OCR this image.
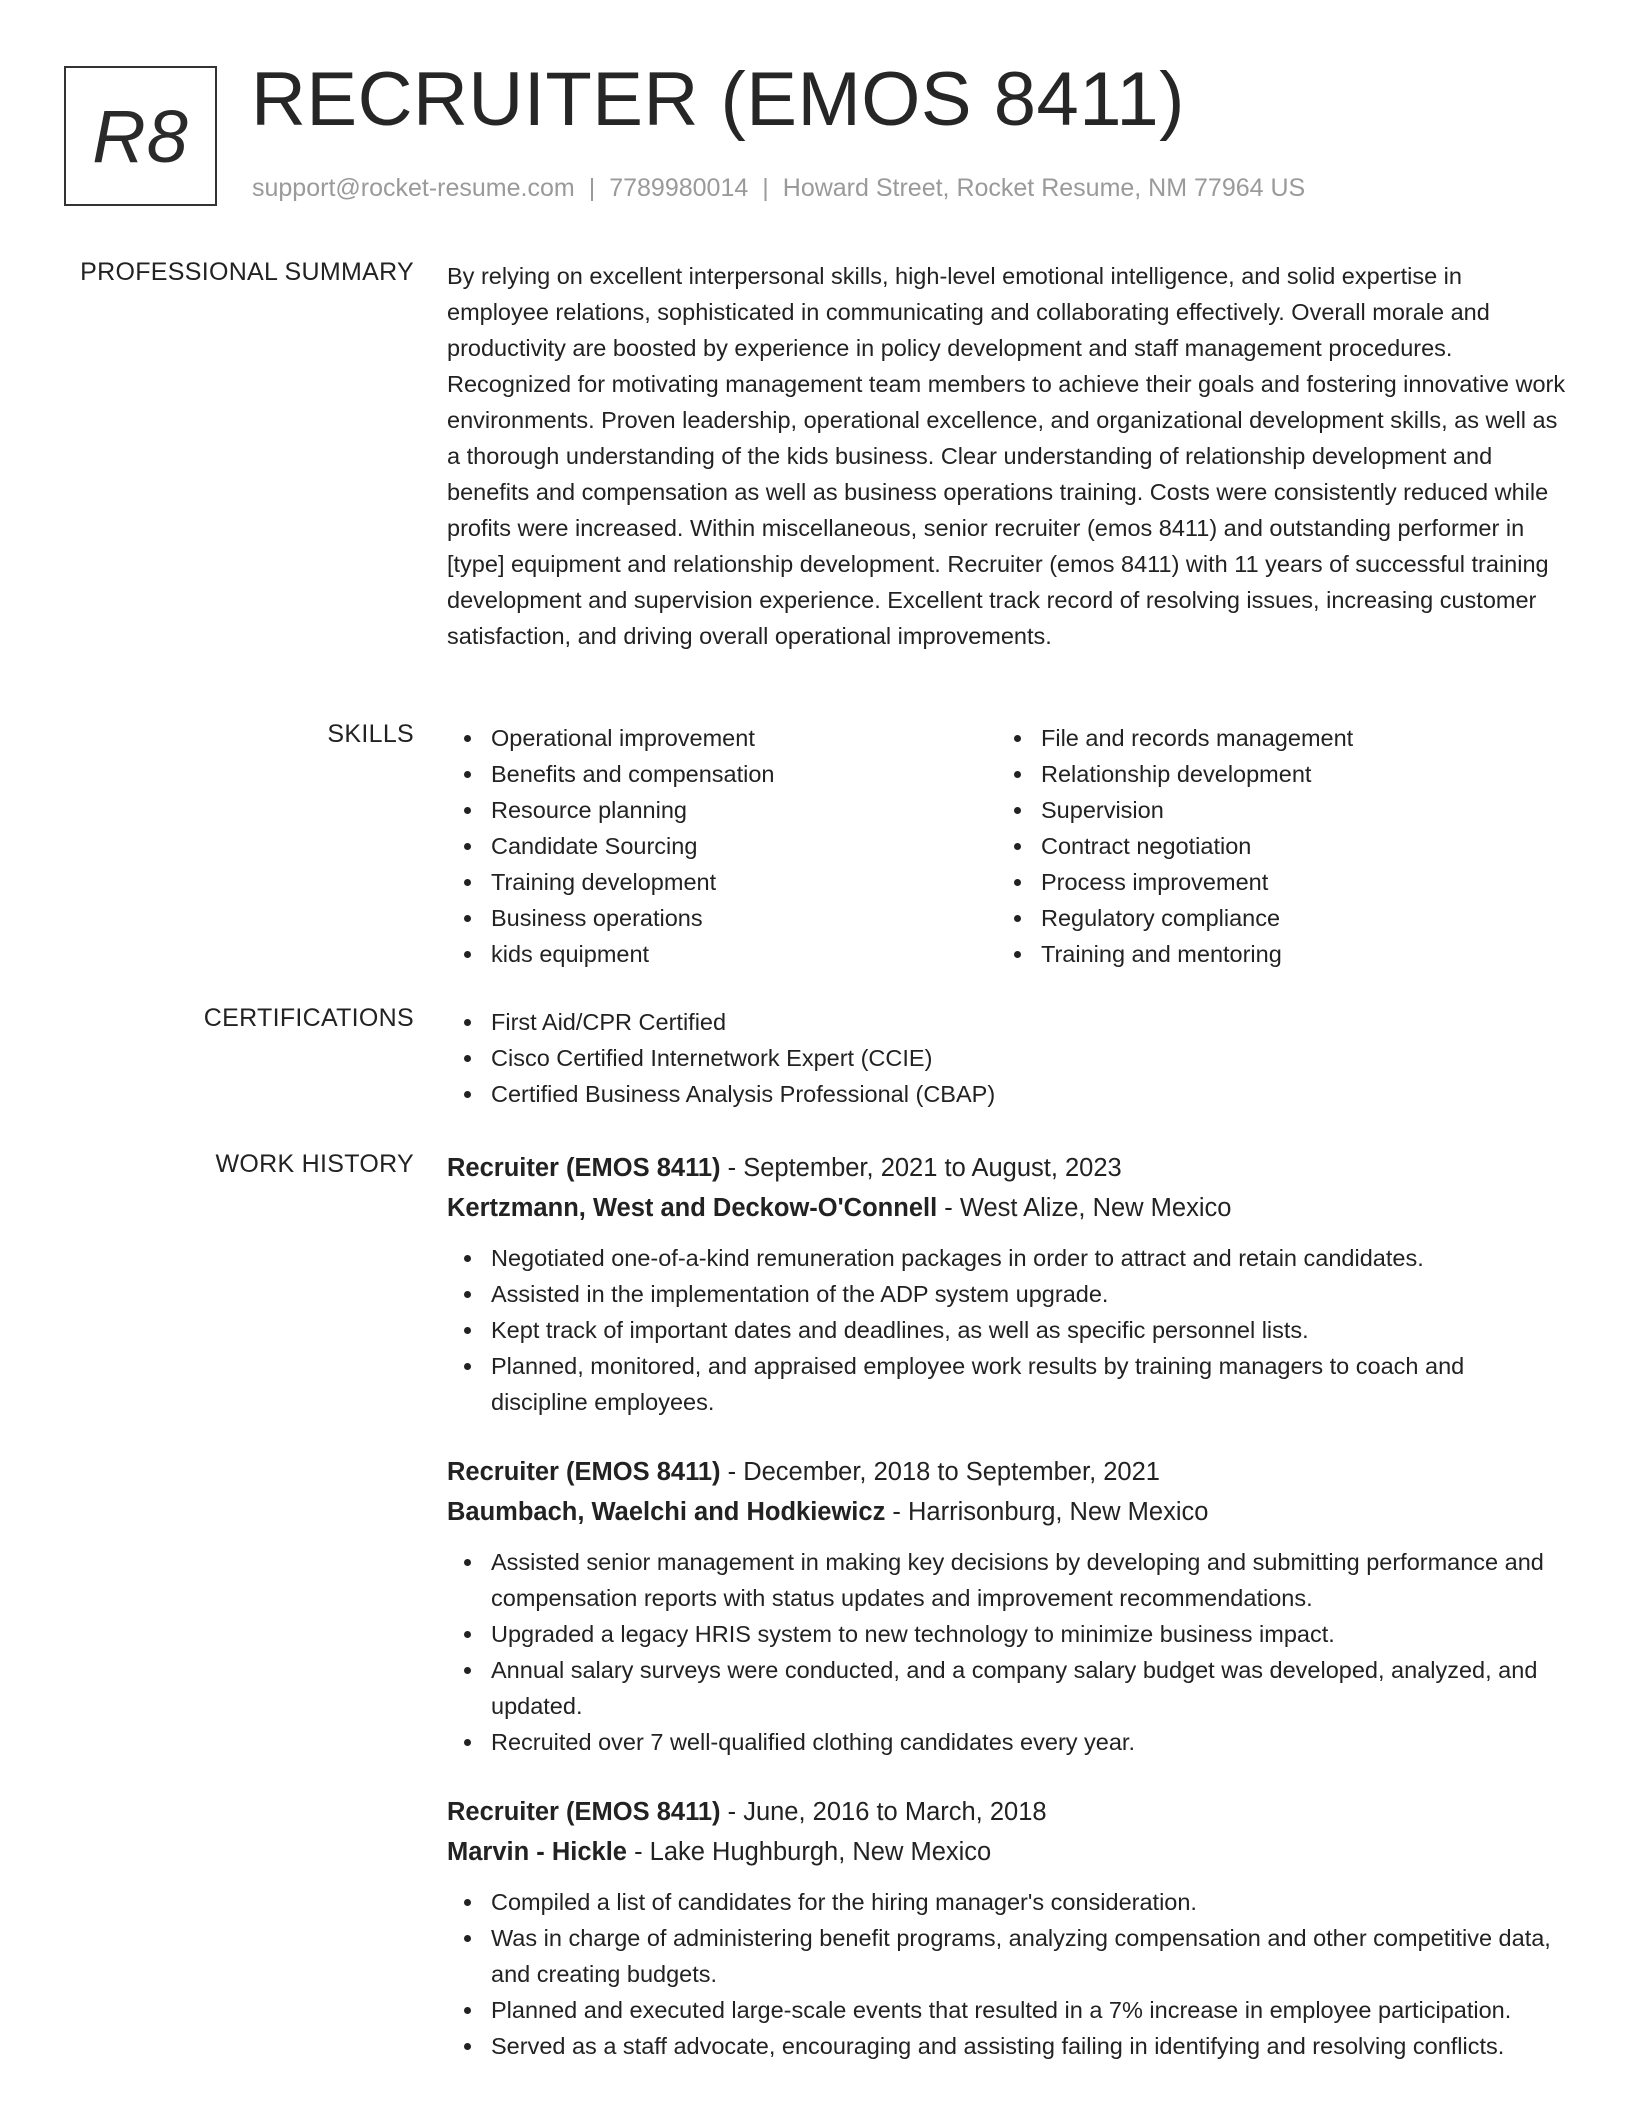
R8 RECRUITER (EMOS 8411)
support@rocket-resume.com | 7789980014 | Howard Street, Rocket Resume, NM 77964 US
PROFESSIONAL SUMMARY By relying on excellent interpersonal skills, high-level emotional intelligence, and solid expertise in employee relations, sophisticated in communicating and collaborating effectively. Overall morale and productivity are boosted by experience in policy development and staff management procedures. Recognized for motivating management team members to achieve their goals and fostering innovative work environments. Proven leadership, operational excellence, and organizational development skills, as well as a thorough understanding of the kids business. Clear understanding of relationship development and benefits and compensation as well as business operations training. Costs were consistently reduced while profits were increased. Within miscellaneous, senior recruiter (emos 8411) and outstanding performer in [type] equipment and relationship development. Recruiter (emos 8411) with 11 years of successful training development and supervision experience. Excellent track record of resolving issues, increasing customer satisfaction, and driving overall operational improvements.

SKILLS	Operational improvement
Benefits and compensation
Resource planning
Candidate Sourcing
Training development
Business operations
kids equipment
File and records management
Relationship development
Supervision
Contract negotiation
Process improvement
Regulatory compliance
Training and mentoring
CERTIFICATIONS	First Aid/CPR Certified
Cisco Certified Internetwork Expert (CCIE)
Certified Business Analysis Professional (CBAP)
WORK HISTORY Recruiter (EMOS 8411) - September, 2021 to August, 2023
Kertzmann, West and Deckow-O'Connell - West Alize, New Mexico
Negotiated one-of-a-kind remuneration packages in order to attract and retain candidates.
Assisted in the implementation of the ADP system upgrade.
Kept track of important dates and deadlines, as well as specific personnel lists.
Planned, monitored, and appraised employee work results by training managers to coach and discipline employees.
Recruiter (EMOS 8411) - December, 2018 to September, 2021
Baumbach, Waelchi and Hodkiewicz - Harrisonburg, New Mexico
Assisted senior management in making key decisions by developing and submitting performance and compensation reports with status updates and improvement recommendations.
Upgraded a legacy HRIS system to new technology to minimize business impact.
Annual salary surveys were conducted, and a company salary budget was developed, analyzed, and updated.
Recruited over 7 well-qualified clothing candidates every year.
Recruiter (EMOS 8411) - June, 2016 to March, 2018
Marvin - Hickle - Lake Hughburgh, New Mexico
Compiled a list of candidates for the hiring manager's consideration.
Was in charge of administering benefit programs, analyzing compensation and other competitive data, and creating budgets.
Planned and executed large-scale events that resulted in a 7% increase in employee participation.
Served as a staff advocate, encouraging and assisting failing in identifying and resolving conflicts.
